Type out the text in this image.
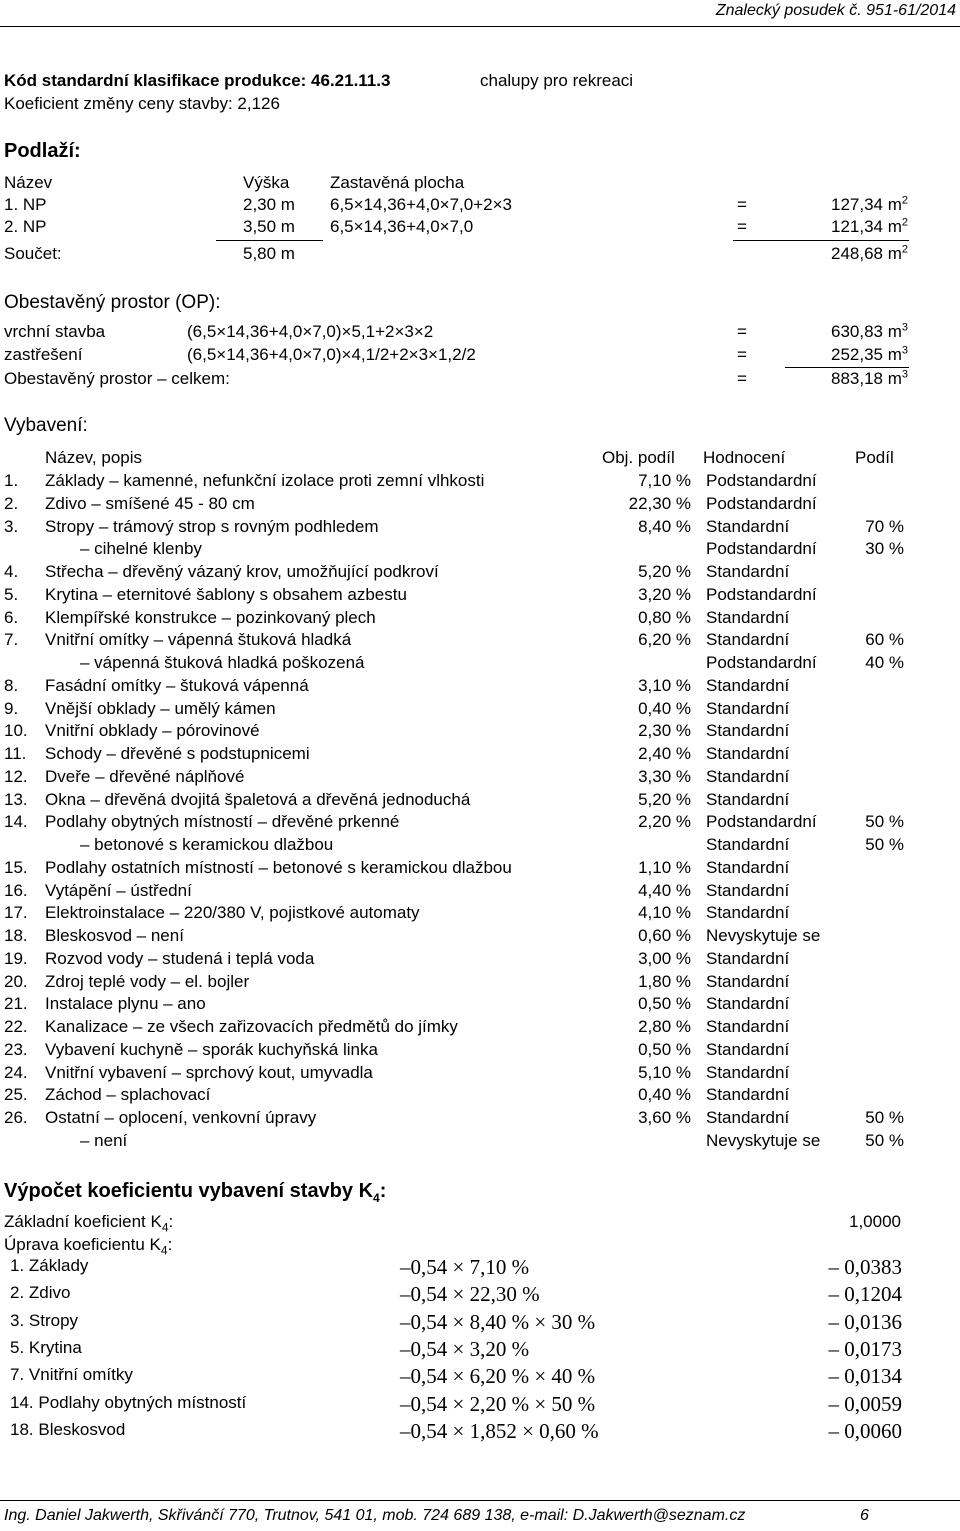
Znalecký posudek č. 951-61/2014
Kód standardní klasifikace produkce: 46.21.11.3	chalupy pro rekreaci
Koeficient změny ceny stavby: 2,126
Podlaží:
Název	Výška Zastavěná plocha
1. NP	2,30 m 6,5×14,36+4,0×7,0+2×3	=	127,34 $m^2$
2. NP	3,50 m 6,5×14,36+4,0×7,0	=	121,34 $m^2$
Součet:	5,80 m	248,68 $m^2$
Obestavěný prostor (OP):
vrchní stavba	(6,5×14,36+4,0×7,0)×5,1+2×3×2	=	630,83 $m^3$
zastřešení	(6,5×14,36+4,0×7,0)×4,1/2+2×3×1,2/2	=	252,35 $m^3$
Obestavěný prostor – celkem:	=	883,18 $m^3$
Vybavení:
Název, popis	Obj. podíl Hodnocení	Podíl
1. Základy – kamenné, nefunkční izolace proti zemní vlhkosti	7,10 % Podstandardní
2. Zdivo – smíšené 45 - 80 cm	22,30 % Podstandardní
3. Stropy – trámový strop s rovným podhledem	8,40 % Standardní	70 %
– cihelné klenby	Podstandardní	30 %
4. Střecha – dřevěný vázaný krov, umožňující podkroví	5,20 % Standardní
5. Krytina – eternitové šablony s obsahem azbestu	3,20 % Podstandardní
6. Klempířské konstrukce – pozinkovaný plech	0,80 % Standardní
7. Vnitřní omítky – vápenná štuková hladká	6,20 % Standardní	60 %
– vápenná štuková hladká poškozená	Podstandardní	40 %
8. Fasádní omítky – štuková vápenná	3,10 % Standardní
9. Vnější obklady – umělý kámen	0,40 % Standardní
10. Vnitřní obklady – pórovinové	2,30 % Standardní
11. Schody – dřevěné s podstupnicemi	2,40 % Standardní
12. Dveře – dřevěné náplňové	3,30 % Standardní
13. Okna – dřevěná dvojitá špaletová a dřevěná jednoduchá	5,20 % Standardní
14. Podlahy obytných místností – dřevěné prkenné	2,20 % Podstandardní	50 %
– betonové s keramickou dlažbou	Standardní	50 %
15. Podlahy ostatních místností – betonové s keramickou dlažbou	1,10 % Standardní
16. Vytápění – ústřední	4,40 % Standardní
17. Elektroinstalace – 220/380 V, pojistkové automaty	4,10 % Standardní
18. Bleskosvod – není	0,60 % Nevyskytuje se
19. Rozvod vody – studená i teplá voda	3,00 % Standardní
20. Zdroj teplé vody – el. bojler	1,80 % Standardní
21. Instalace plynu – ano	0,50 % Standardní
22. Kanalizace – ze všech zařizovacích předmětů do jímky	2,80 % Standardní
23. Vybavení kuchyně – sporák kuchyňská linka	0,50 % Standardní
24. Vnitřní vybavení – sprchový kout, umyvadla	5,10 % Standardní
25. Záchod – splachovací	0,40 % Standardní
26. Ostatní – oplocení, venkovní úpravy	3,60 % Standardní	50 %
– není	Nevyskytuje se	50 %
Výpočet koeficientu vybavení stavby $K_4$:
Základní koeficient $K_4$:	1,0000
Úprava koeficientu $K_4$:
1. Základy	–0,54 × 7,10 %	– 0,0383
2. Zdivo	–0,54 × 22,30 %	– 0,1204
3. Stropy	–0,54 × 8,40 % × 30 %	– 0,0136
5. Krytina	–0,54 × 3,20 %	– 0,0173
7. Vnitřní omítky	–0,54 × 6,20 % × 40 %	– 0,0134
14. Podlahy obytných místností	–0,54 × 2,20 % × 50 %	– 0,0059
18. Bleskosvod	–0,54 × 1,852 × 0,60 %	– 0,0060
Ing. Daniel Jakwerth, Skřivánčí 770, Trutnov, 541 01, mob. 724 689 138, e-mail: D.Jakwerth@seznam.cz	6
